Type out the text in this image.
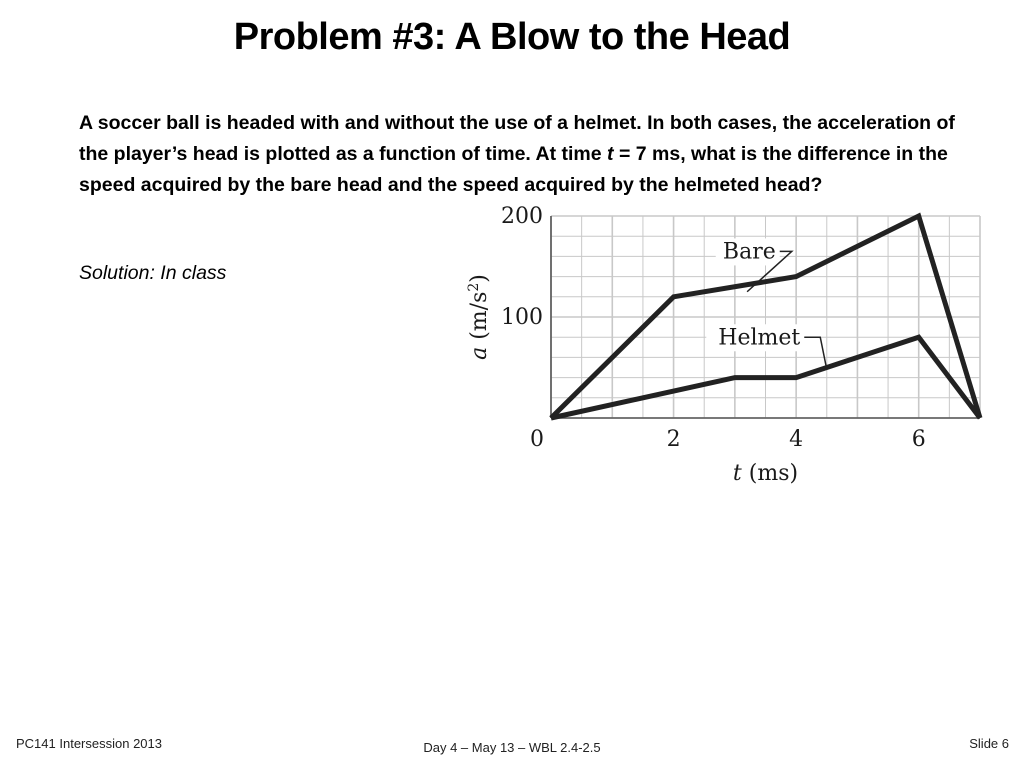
Problem #3: A Blow to the Head
A soccer ball is headed with and without the use of a helmet. In both cases, the acceleration of the player’s head is plotted as a function of time. At time t = 7 ms, what is the difference in the speed acquired by the bare head and the speed acquired by the helmeted head?
Solution: In class
0	2	4	6
100
200
Bare
Helmet
t (ms)
a $(m/s^2)$
PC141 Intersession 2013	Day 4 – May 13 – WBL 2.4-2.5	Slide 6
